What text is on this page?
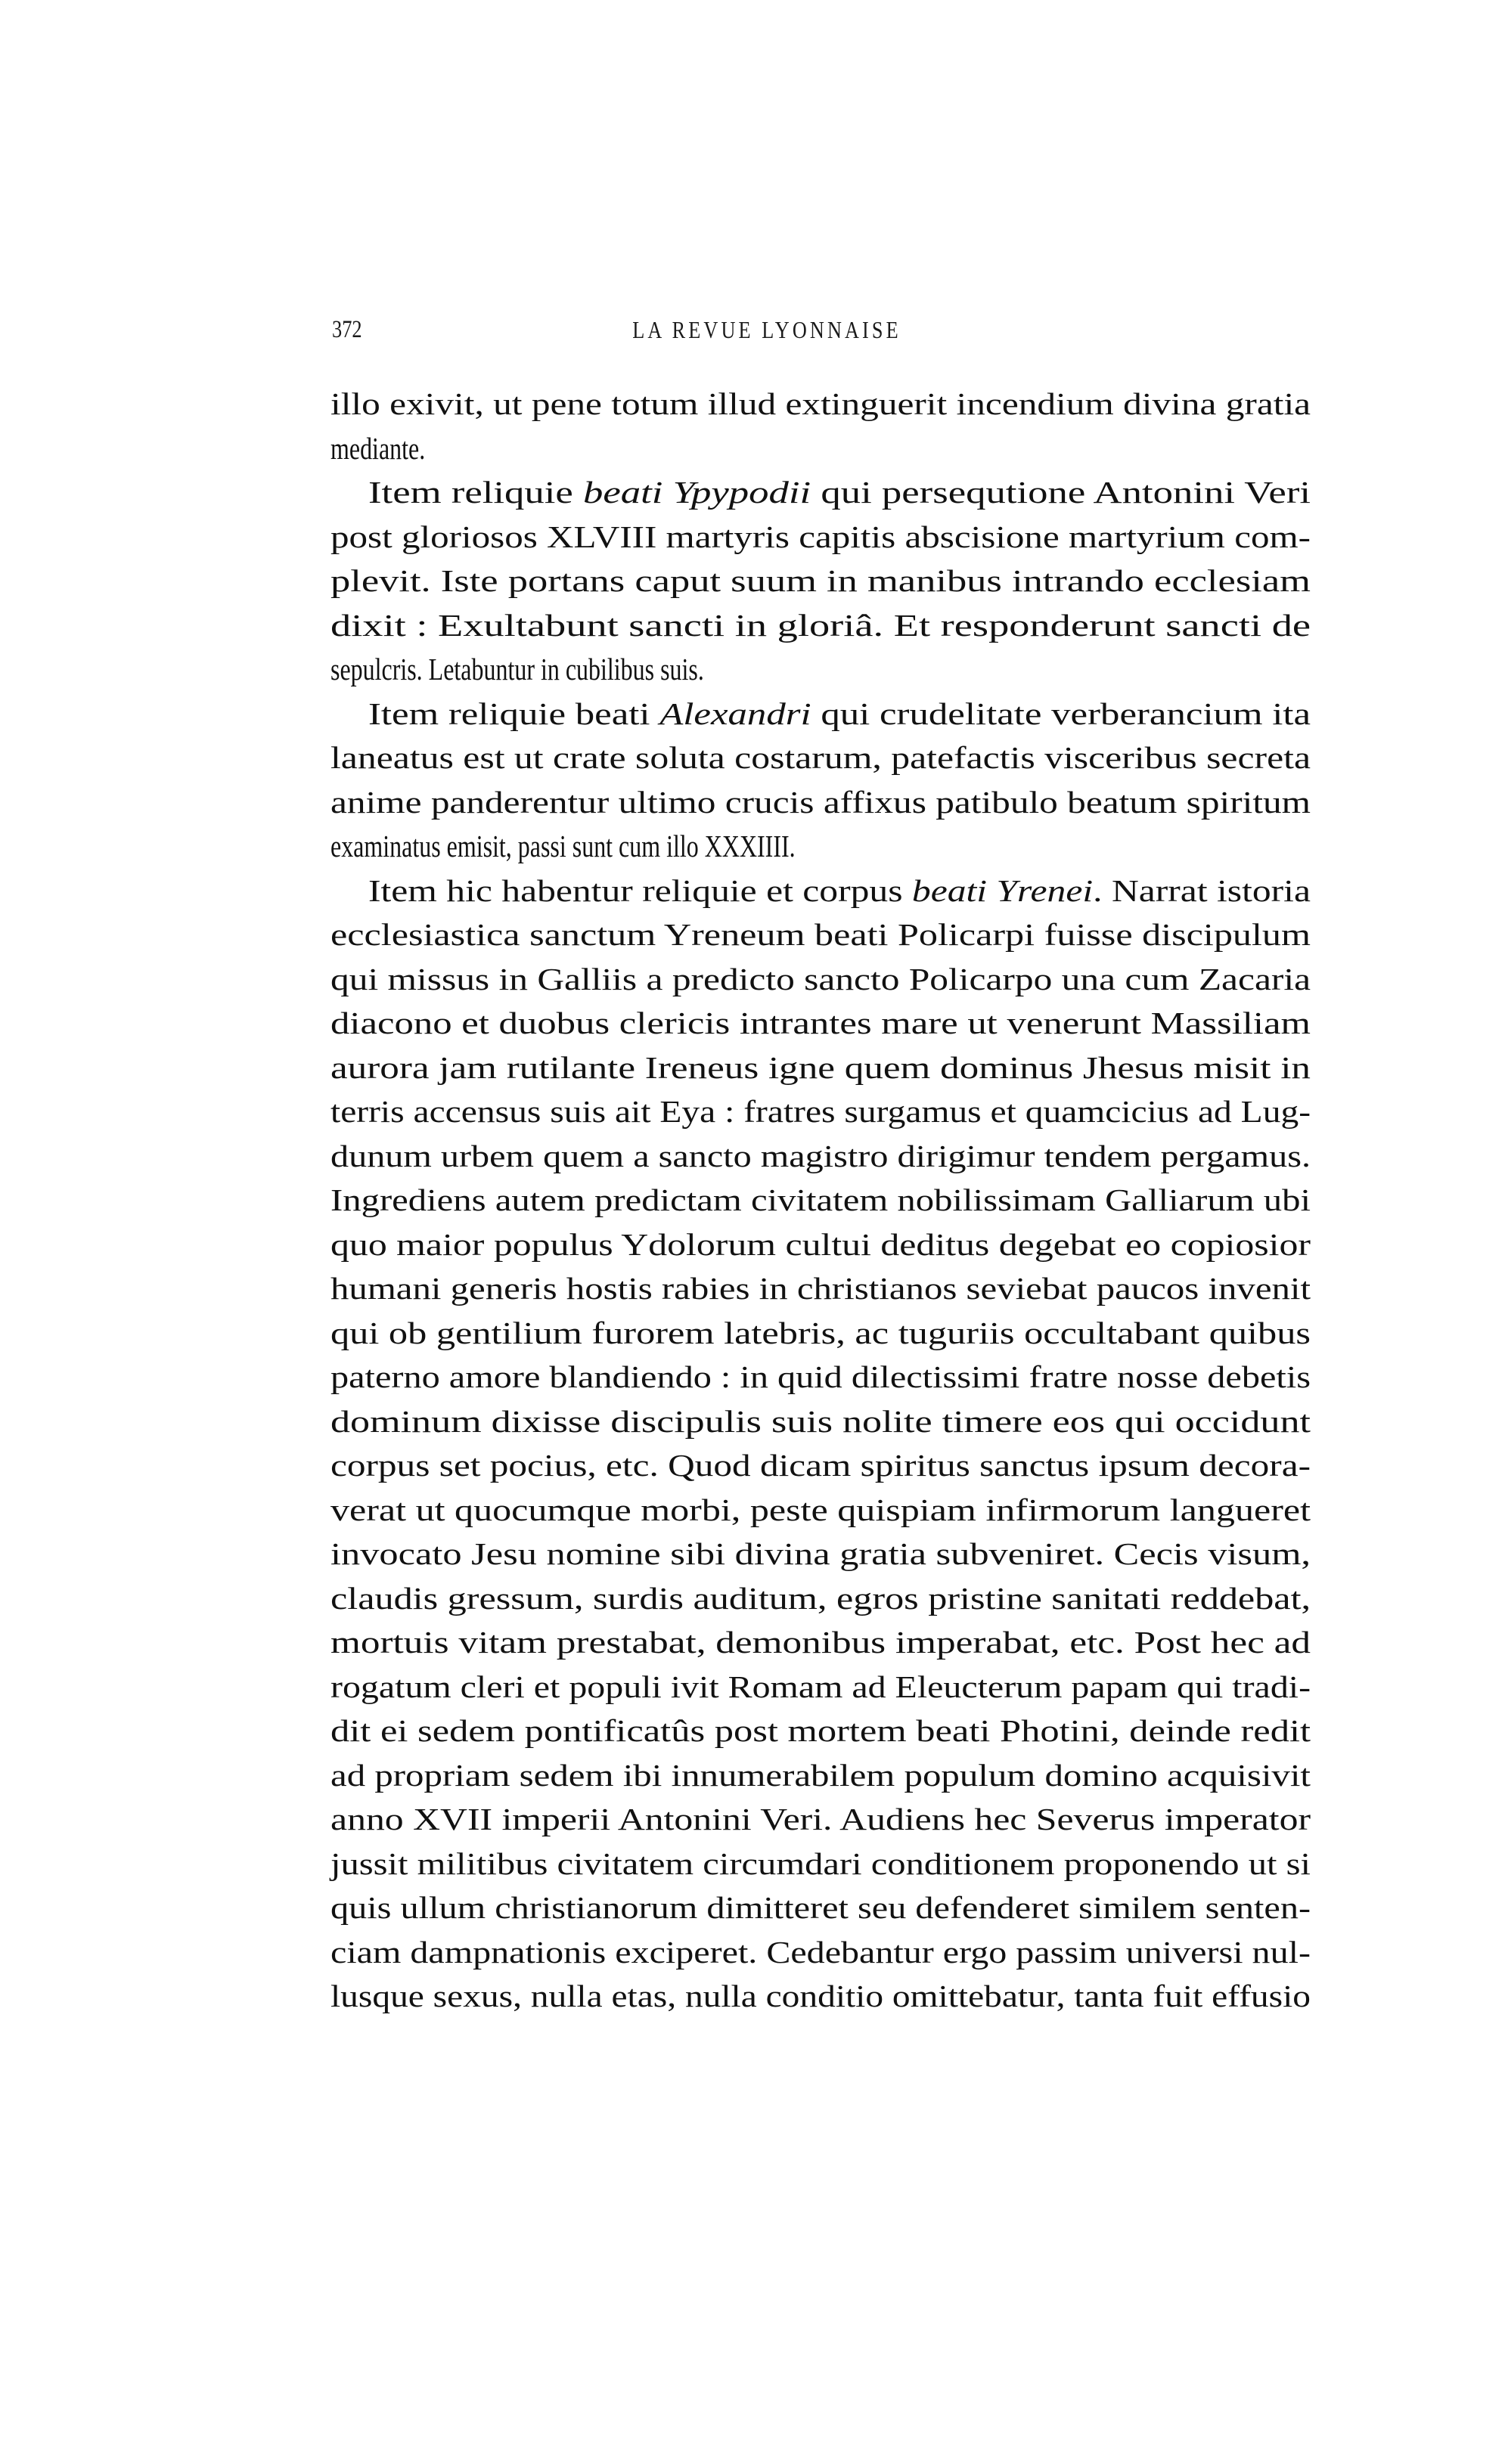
372	LA REVUE LYONNAISE
illo exivit, ut pene totum illud extinguerit incendium divina gratia
mediante.
Item reliquie beati Ypypodii qui persequtione Antonini Veri
post gloriosos XLVIII martyris capitis abscisione martyrium com-
plevit. Iste portans caput suum in manibus intrando ecclesiam
dixit : Exultabunt sancti in gloriâ. Et responderunt sancti de
sepulcris. Letabuntur in cubilibus suis.
Item reliquie beati Alexandri qui crudelitate verberancium ita
laneatus est ut crate soluta costarum, patefactis visceribus secreta
anime panderentur ultimo crucis affixus patibulo beatum spiritum
examinatus emisit, passi sunt cum illo XXXIIII.
Item hic habentur reliquie et corpus beati Yrenei. Narrat istoria
ecclesiastica sanctum Yreneum beati Policarpi fuisse discipulum
qui missus in Galliis a predicto sancto Policarpo una cum Zacaria
diacono et duobus clericis intrantes mare ut venerunt Massiliam
aurora jam rutilante Ireneus igne quem dominus Jhesus misit in
terris accensus suis ait Eya : fratres surgamus et quamcicius ad Lug-
dunum urbem quem a sancto magistro dirigimur tendem pergamus.
Ingrediens autem predictam civitatem nobilissimam Galliarum ubi
quo maior populus Ydolorum cultui deditus degebat eo copiosior
humani generis hostis rabies in christianos seviebat paucos invenit
qui ob gentilium furorem latebris, ac tuguriis occultabant quibus
paterno amore blandiendo : in quid dilectissimi fratre nosse debetis
dominum dixisse discipulis suis nolite timere eos qui occidunt
corpus set pocius, etc. Quod dicam spiritus sanctus ipsum decora-
verat ut quocumque morbi, peste quispiam infirmorum langueret
invocato Jesu nomine sibi divina gratia subveniret. Cecis visum,
claudis gressum, surdis auditum, egros pristine sanitati reddebat,
mortuis vitam prestabat, demonibus imperabat, etc. Post hec ad
rogatum cleri et populi ivit Romam ad Eleucterum papam qui tradi-
dit ei sedem pontificatûs post mortem beati Photini, deinde redit
ad propriam sedem ibi innumerabilem populum domino acquisivit
anno XVII imperii Antonini Veri. Audiens hec Severus imperator
jussit militibus civitatem circumdari conditionem proponendo ut si
quis ullum christianorum dimitteret seu defenderet similem senten-
ciam dampnationis exciperet. Cedebantur ergo passim universi nul-
lusque sexus, nulla etas, nulla conditio omittebatur, tanta fuit effusio
